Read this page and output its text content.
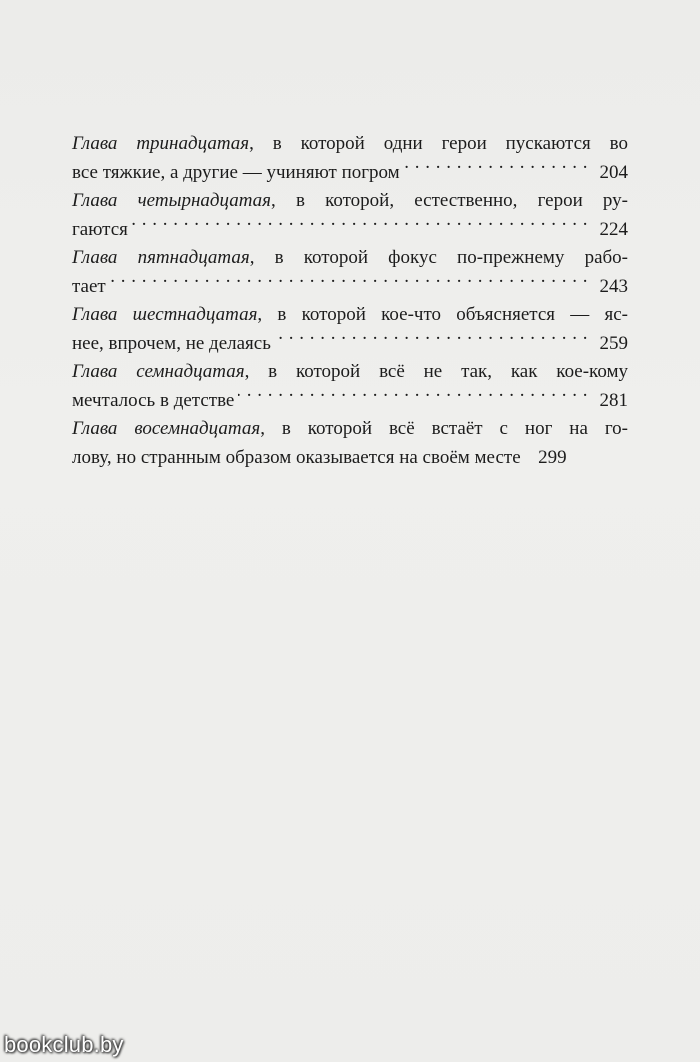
Глава тринадцатая, в которой одни герои пускаются во
все тяжкие, а другие — учиняют погром . . .	204
Глава четырнадцатая, в которой, естественно, герои ру-
гаются . . .	224
Глава пятнадцатая, в которой фокус по-прежнему рабо-
тает . . .	243
Глава шестнадцатая, в которой кое-что объясняется — яс-
нее, впрочем, не делаясь . . .	259
Глава семнадцатая, в которой всё не так, как кое-кому
мечталось в детстве . . .	281
Глава восемнадцатая, в которой всё встаёт с ног на го-
лову, но странным образом оказывается на своём месте 299
bookclub.by
